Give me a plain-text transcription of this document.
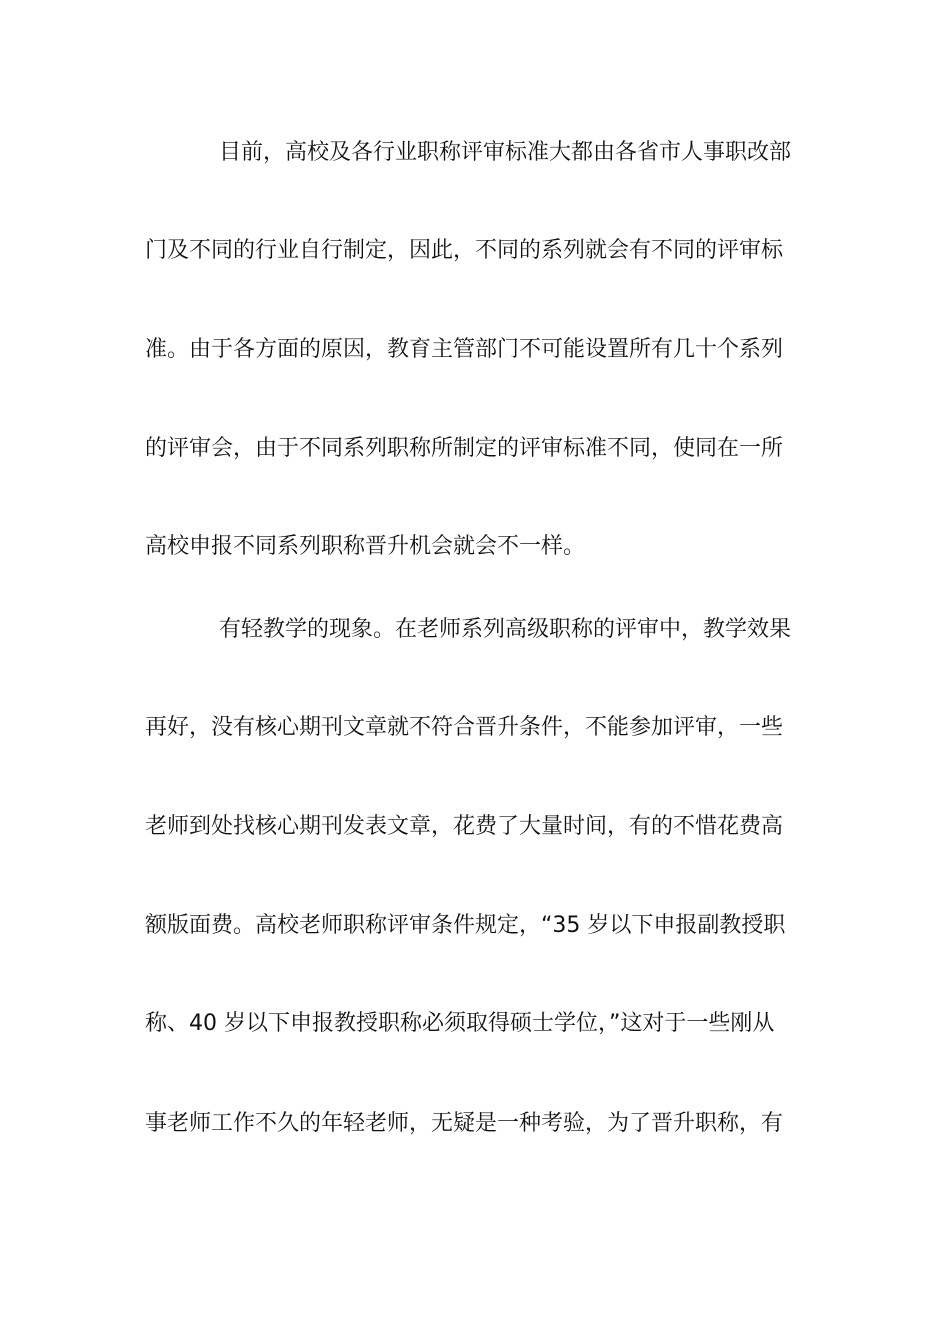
目前，高校及各行业职称评审标准大都由各省市人事职改部
门及不同的行业自行制定，因此，不同的系列就会有不同的评审标
准。由于各方面的原因，教育主管部门不可能设置所有几十个系列
的评审会，由于不同系列职称所制定的评审标准不同，使同在一所
高校申报不同系列职称晋升机会就会不一样。
有轻教学的现象。在老师系列高级职称的评审中，教学效果
再好，没有核心期刊文章就不符合晋升条件，不能参加评审，一些
老师到处找核心期刊发表文章，花费了大量时间，有的不惜花费高
额版面费。高校老师职称评审条件规定，“35 岁以下申报副教授职
称、40 岁以下申报教授职称必须取得硕士学位，”这对于一些刚从
事老师工作不久的年轻老师，无疑是一种考验，为了晋升职称，有
